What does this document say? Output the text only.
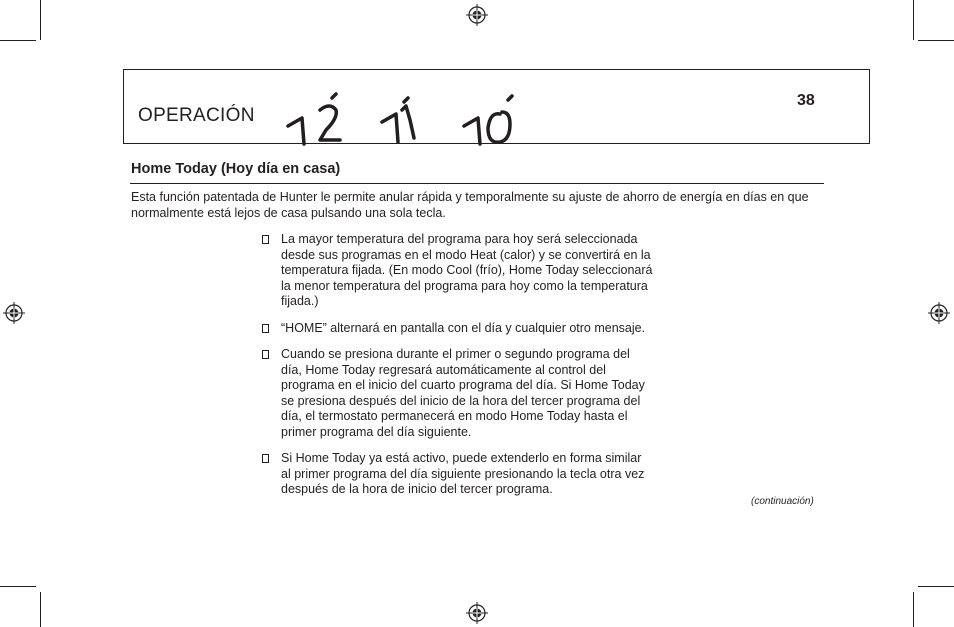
OPERACIÓN
38
Home Today (Hoy día en casa)
Esta función patentada de Hunter le permite anular rápida y temporalmente su ajuste de ahorro de energía en días en que normalmente está lejos de casa pulsando una sola tecla.
La mayor temperatura del programa para hoy será seleccionada desde sus programas en el modo Heat (calor) y se convertirá en la temperatura fijada. (En modo Cool (frío), Home Today seleccionará la menor temperatura del programa para hoy como la temperatura fijada.)
“HOME” alternará en pantalla con el día y cualquier otro mensaje.
Cuando se presiona durante el primer o segundo programa del día, Home Today regresará automáticamente al control del programa en el inicio del cuarto programa del día. Si Home Today se presiona después del inicio de la hora del tercer programa del día, el termostato permanecerá en modo Home Today hasta el primer programa del día siguiente.
Si Home Today ya está activo, puede extenderlo en forma similar al primer programa del día siguiente presionando la tecla otra vez después de la hora de inicio del tercer programa.
(continuación)
